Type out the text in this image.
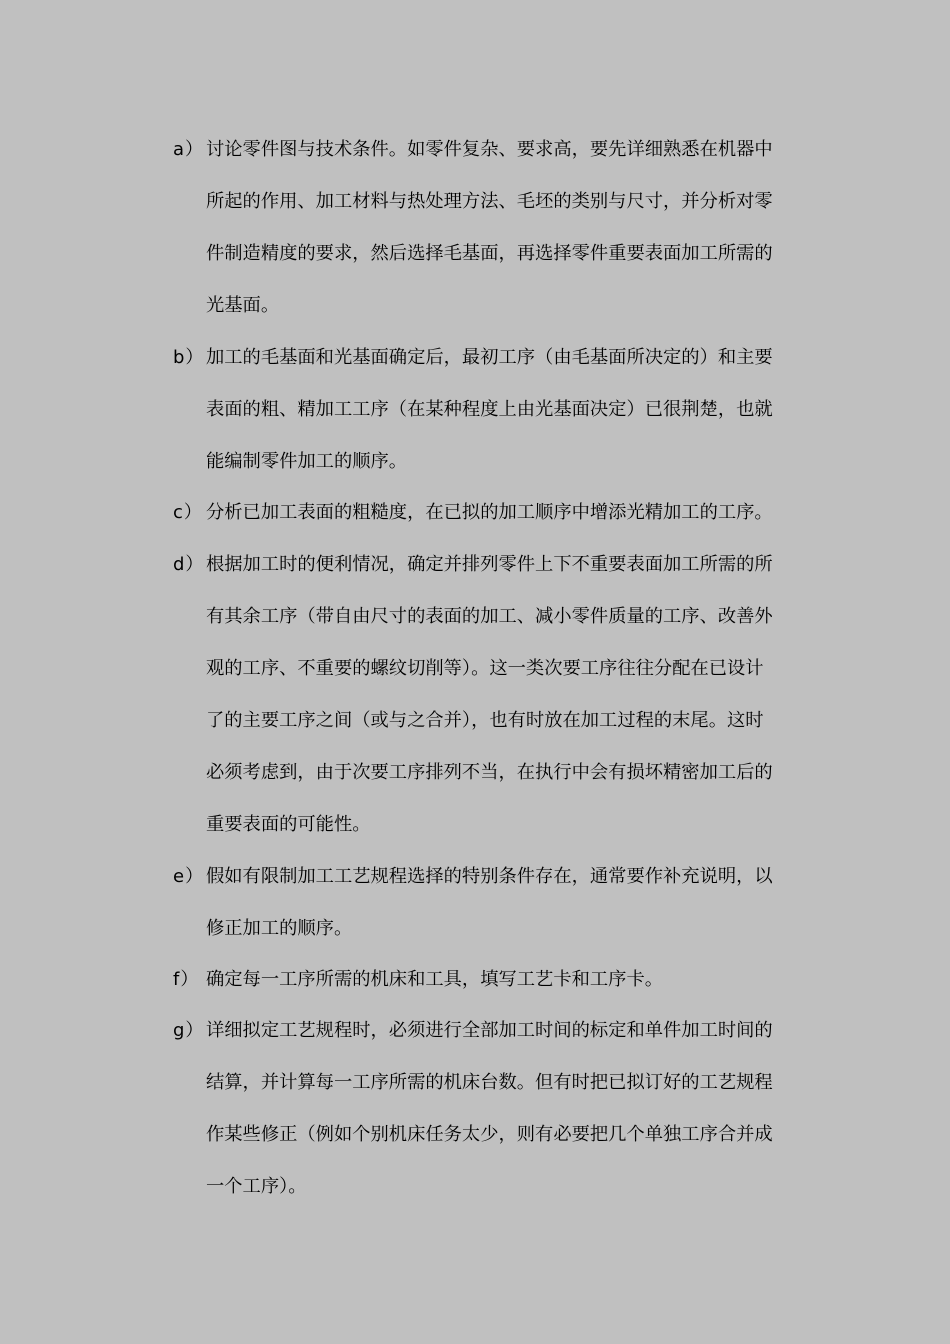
a） 讨论零件图与技术条件。如零件复杂、要求高，要先详细熟悉在机器中
所起的作用、加工材料与热处理方法、毛坯的类别与尺寸，并分析对零
件制造精度的要求，然后选择毛基面，再选择零件重要表面加工所需的
光基面。
b） 加工的毛基面和光基面确定后，最初工序（由毛基面所决定的）和主要
表面的粗、精加工工序（在某种程度上由光基面决定）已很荆楚，也就
能编制零件加工的顺序。
c） 分析已加工表面的粗糙度，在已拟的加工顺序中增添光精加工的工序。
d） 根据加工时的便利情况，确定并排列零件上下不重要表面加工所需的所
有其余工序（带自由尺寸的表面的加工、减小零件质量的工序、改善外
观的工序、不重要的螺纹切削等）。这一类次要工序往往分配在已设计
了的主要工序之间（或与之合并），也有时放在加工过程的末尾。这时
必须考虑到，由于次要工序排列不当，在执行中会有损坏精密加工后的
重要表面的可能性。
e） 假如有限制加工工艺规程选择的特别条件存在，通常要作补充说明，以
修正加工的顺序。
f） 确定每一工序所需的机床和工具，填写工艺卡和工序卡。
g） 详细拟定工艺规程时，必须进行全部加工时间的标定和单件加工时间的
结算，并计算每一工序所需的机床台数。但有时把已拟订好的工艺规程
作某些修正（例如个别机床任务太少，则有必要把几个单独工序合并成
一个工序）。
